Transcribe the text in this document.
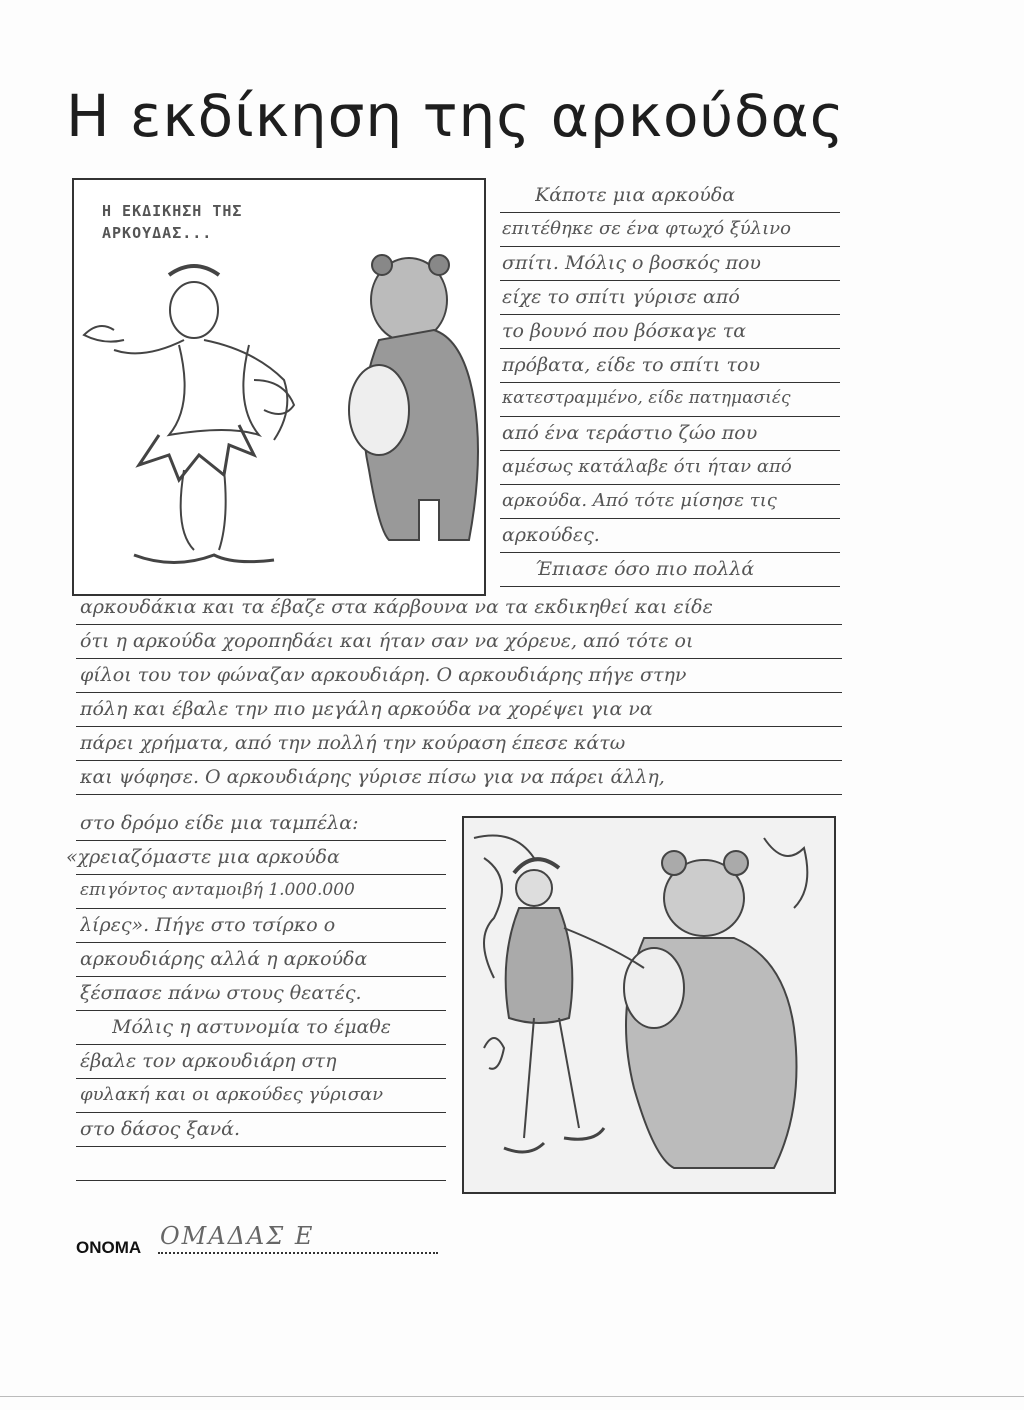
Η εκδίκηση της αρκούδας
Η ΕΚΔΙΚΗΣΗ ΤΗΣ
ΑΡΚΟΥΔΑΣ...
Κάποτε μια αρκούδα
επιτέθηκε σε ένα φτωχό ξύλινο
σπίτι. Μόλις ο βοσκός που
είχε το σπίτι γύρισε από
το βουνό που βόσκαγε τα
πρόβατα, είδε το σπίτι του
κατεστραμμένο, είδε πατημασιές
από ένα τεράστιο ζώο που
αμέσως κατάλαβε ότι ήταν από
αρκούδα. Από τότε μίσησε τις
αρκούδες.
Έπιασε όσο πιο πολλά
αρκουδάκια και τα έβαζε στα κάρβουνα να τα εκδικηθεί και είδε
ότι η αρκούδα χοροπηδάει και ήταν σαν να χόρευε, από τότε οι
φίλοι του τον φώναζαν αρκουδιάρη. Ο αρκουδιάρης πήγε στην
πόλη και έβαλε την πιο μεγάλη αρκούδα να χορέψει για να
πάρει χρήματα, από την πολλή την κούραση έπεσε κάτω
και ψόφησε. Ο αρκουδιάρης γύρισε πίσω για να πάρει άλλη,
στο δρόμο είδε μια ταμπέλα:
«χρειαζόμαστε μια αρκούδα
επιγόντος ανταμοιβή 1.000.000
λίρες». Πήγε στο τσίρκο ο
αρκουδιάρης αλλά η αρκούδα
ξέσπασε πάνω στους θεατές.
Μόλις η αστυνομία το έμαθε
έβαλε τον αρκουδιάρη στη
φυλακή και οι αρκούδες γύρισαν
στο δάσος ξανά.
ΟΝΟΜΑ ΟΜΑΔΑΣ Ε
